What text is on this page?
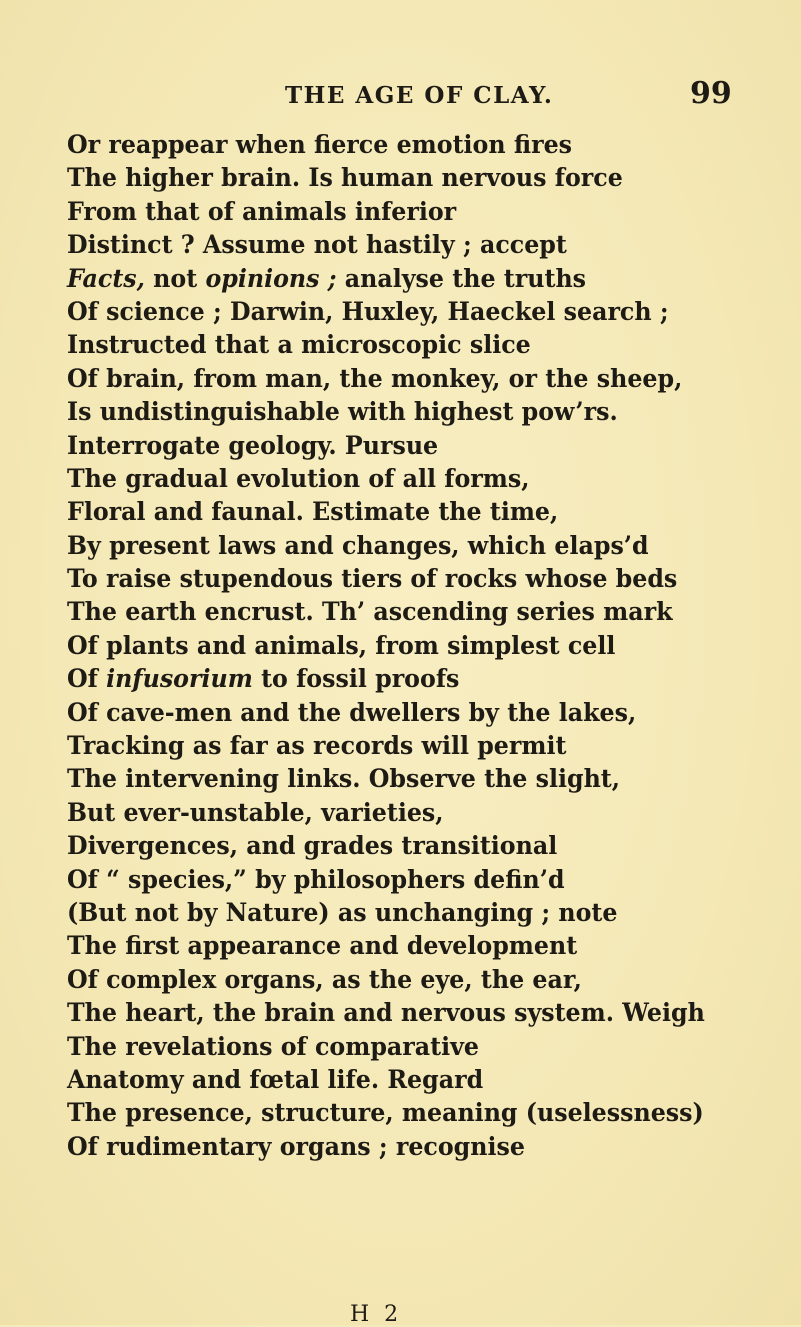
THE AGE OF CLAY.	99
Or reappear when fierce emotion fires
The higher brain. Is human nervous force
From that of animals inferior
Distinct ? Assume not hastily ; accept
Facts, not opinions ; analyse the truths
Of science ; Darwin, Huxley, Haeckel search ;
Instructed that a microscopic slice
Of brain, from man, the monkey, or the sheep,
Is undistinguishable with highest pow’rs.
Interrogate geology. Pursue
The gradual evolution of all forms,
Floral and faunal. Estimate the time,
By present laws and changes, which elaps’d
To raise stupendous tiers of rocks whose beds
The earth encrust. Th’ ascending series mark
Of plants and animals, from simplest cell
Of infusorium to fossil proofs
Of cave-men and the dwellers by the lakes,
Tracking as far as records will permit
The intervening links. Observe the slight,
But ever-unstable, varieties,
Divergences, and grades transitional
Of “ species,” by philosophers defin’d
(But not by Nature) as unchanging ; note
The first appearance and development
Of complex organs, as the eye, the ear,
The heart, the brain and nervous system. Weigh
The revelations of comparative
Anatomy and fœtal life. Regard
The presence, structure, meaning (uselessness)
Of rudimentary organs ; recognise
H 2
